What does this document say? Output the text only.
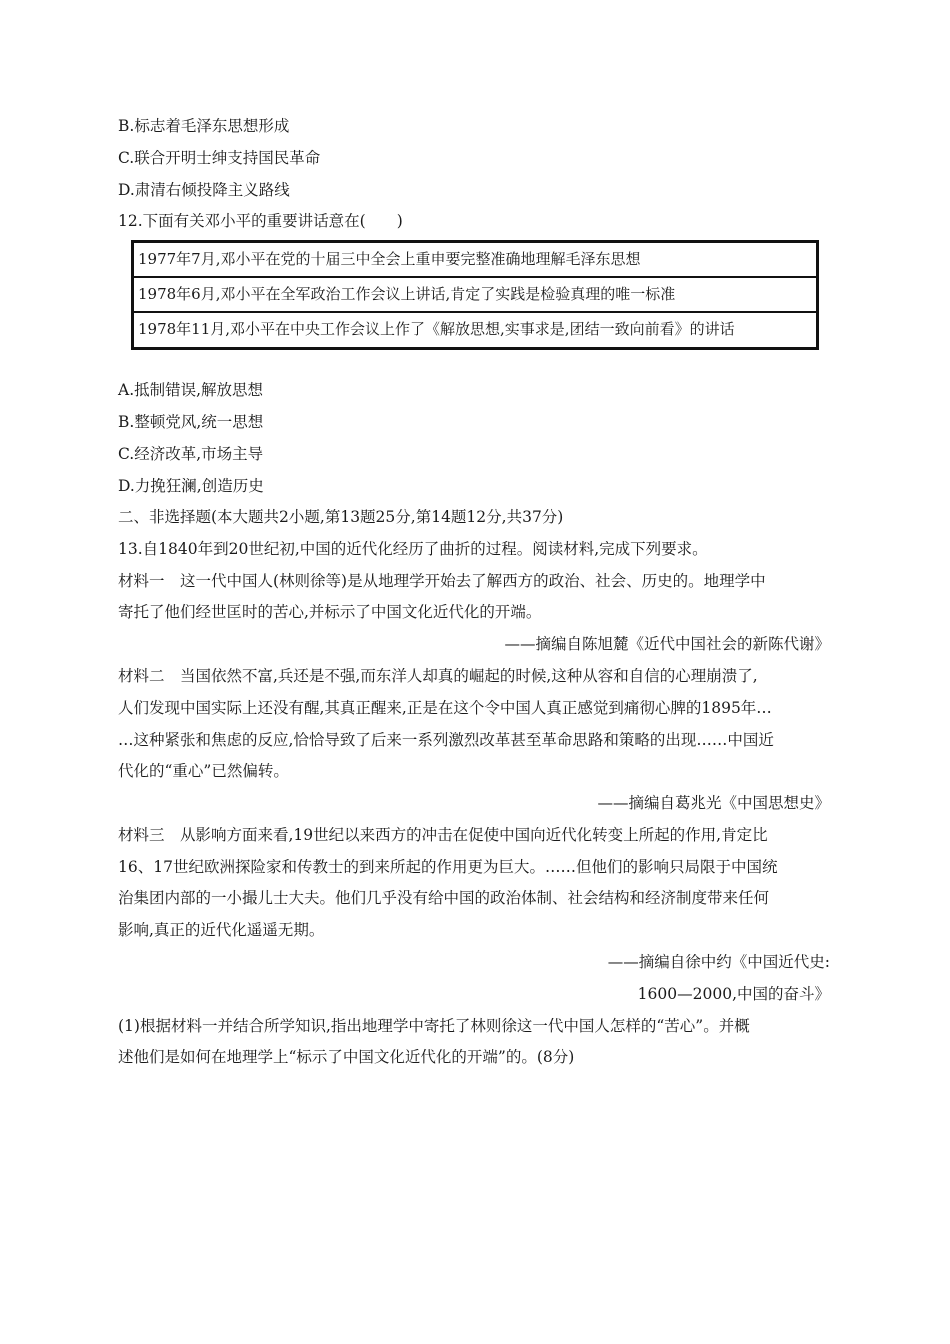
B.标志着毛泽东思想形成
C.联合开明士绅支持国民革命
D.肃清右倾投降主义路线
12.下面有关邓小平的重要讲话意在(　　)
1977年7月,邓小平在党的十届三中全会上重申要完整准确地理解毛泽东思想
1978年6月,邓小平在全军政治工作会议上讲话,肯定了实践是检验真理的唯一标准
1978年11月,邓小平在中央工作会议上作了《解放思想,实事求是,团结一致向前看》的讲话
A.抵制错误,解放思想
B.整顿党风,统一思想
C.经济改革,市场主导
D.力挽狂澜,创造历史
二、非选择题(本大题共2小题,第13题25分,第14题12分,共37分)
13.自1840年到20世纪初,中国的近代化经历了曲折的过程。阅读材料,完成下列要求。
材料一　这一代中国人(林则徐等)是从地理学开始去了解西方的政治、社会、历史的。地理学中
寄托了他们经世匡时的苦心,并标示了中国文化近代化的开端。
——摘编自陈旭麓《近代中国社会的新陈代谢》
材料二　当国依然不富,兵还是不强,而东洋人却真的崛起的时候,这种从容和自信的心理崩溃了,
人们发现中国实际上还没有醒,其真正醒来,正是在这个令中国人真正感觉到痛彻心脾的1895年…
…这种紧张和焦虑的反应,恰恰导致了后来一系列激烈改革甚至革命思路和策略的出现……中国近
代化的“重心”已然偏转。
——摘编自葛兆光《中国思想史》
材料三　从影响方面来看,19世纪以来西方的冲击在促使中国向近代化转变上所起的作用,肯定比
16、17世纪欧洲探险家和传教士的到来所起的作用更为巨大。……但他们的影响只局限于中国统
治集团内部的一小撮儿士大夫。他们几乎没有给中国的政治体制、社会结构和经济制度带来任何
影响,真正的近代化遥遥无期。
——摘编自徐中约《中国近代史:
1600—2000,中国的奋斗》
(1)根据材料一并结合所学知识,指出地理学中寄托了林则徐这一代中国人怎样的“苦心”。并概
述他们是如何在地理学上“标示了中国文化近代化的开端”的。(8分)
